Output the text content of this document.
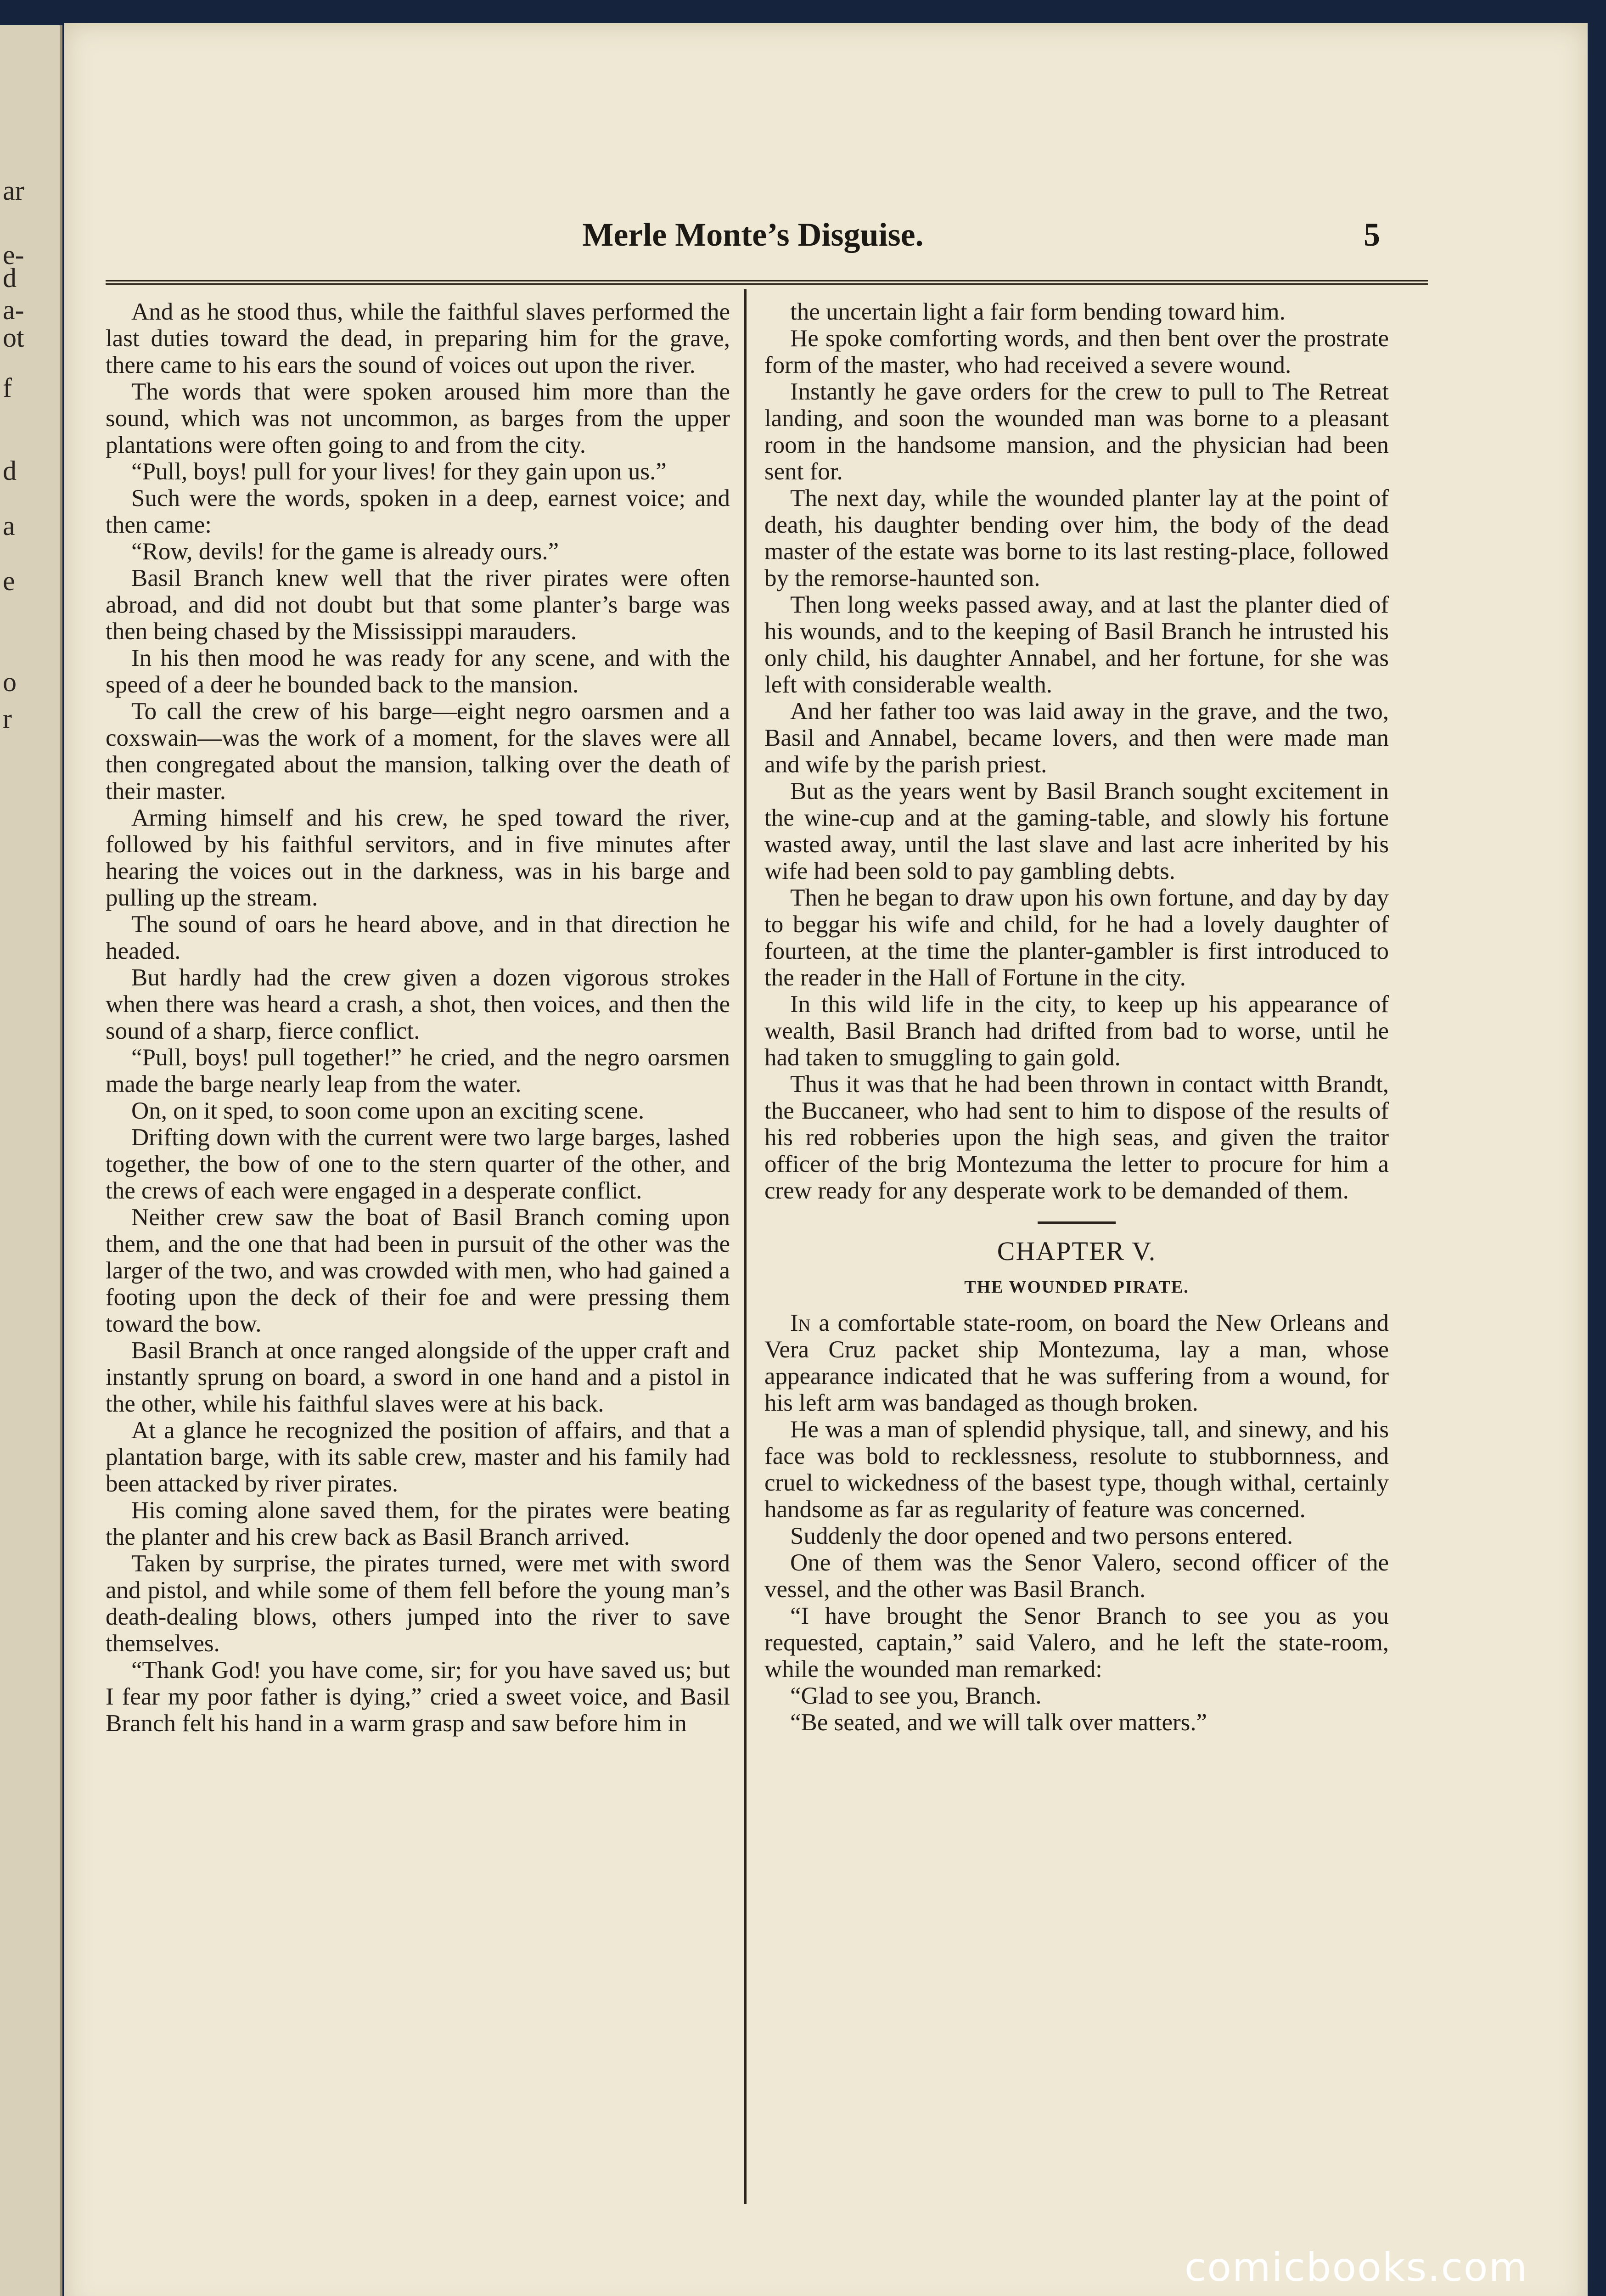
ar
e-
d
a-
ot
f
d
a
e
o
r
Merle Monte’s Disguise.	5

And as he stood thus, while the faithful slaves performed the last duties toward the dead, in preparing him for the grave, there came to his ears the sound of voices out upon the river.

The words that were spoken aroused him more than the sound, which was not uncommon, as barges from the upper plantations were often going to and from the city.

“Pull, boys! pull for your lives! for they gain upon us.”

Such were the words, spoken in a deep, earnest voice; and then came:

“Row, devils! for the game is already ours.”

Basil Branch knew well that the river pirates were often abroad, and did not doubt but that some planter’s barge was then being chased by the Mississippi marauders.

In his then mood he was ready for any scene, and with the speed of a deer he bounded back to the mansion.

To call the crew of his barge—eight negro oarsmen and a coxswain—was the work of a moment, for the slaves were all then congregated about the mansion, talking over the death of their master.

Arming himself and his crew, he sped toward the river, followed by his faithful servitors, and in five minutes after hearing the voices out in the darkness, was in his barge and pulling up the stream.

The sound of oars he heard above, and in that direction he headed.

But hardly had the crew given a dozen vigorous strokes when there was heard a crash, a shot, then voices, and then the sound of a sharp, fierce conflict.

“Pull, boys! pull together!” he cried, and the negro oarsmen made the barge nearly leap from the water.

On, on it sped, to soon come upon an exciting scene.

Drifting down with the current were two large barges, lashed together, the bow of one to the stern quarter of the other, and the crews of each were engaged in a desperate conflict.

Neither crew saw the boat of Basil Branch coming upon them, and the one that had been in pursuit of the other was the larger of the two, and was crowded with men, who had gained a footing upon the deck of their foe and were pressing them toward the bow.

Basil Branch at once ranged alongside of the upper craft and instantly sprung on board, a sword in one hand and a pistol in the other, while his faithful slaves were at his back.

At a glance he recognized the position of affairs, and that a plantation barge, with its sable crew, master and his family had been attacked by river pirates.

His coming alone saved them, for the pirates were beating the planter and his crew back as Basil Branch arrived.

Taken by surprise, the pirates turned, were met with sword and pistol, and while some of them fell before the young man’s death-dealing blows, others jumped into the river to save themselves.

“Thank God! you have come, sir; for you have saved us; but I fear my poor father is dying,” cried a sweet voice, and Basil Branch felt his hand in a warm grasp and saw before him in

the uncertain light a fair form bending toward him.

He spoke comforting words, and then bent over the prostrate form of the master, who had received a severe wound.

Instantly he gave orders for the crew to pull to The Retreat landing, and soon the wounded man was borne to a pleasant room in the handsome mansion, and the physician had been sent for.

The next day, while the wounded planter lay at the point of death, his daughter bending over him, the body of the dead master of the estate was borne to its last resting-place, followed by the remorse-haunted son.

Then long weeks passed away, and at last the planter died of his wounds, and to the keeping of Basil Branch he intrusted his only child, his daughter Annabel, and her fortune, for she was left with considerable wealth.

And her father too was laid away in the grave, and the two, Basil and Annabel, became lovers, and then were made man and wife by the parish priest.

But as the years went by Basil Branch sought excitement in the wine-cup and at the gaming-table, and slowly his fortune wasted away, until the last slave and last acre inherited by his wife had been sold to pay gambling debts.

Then he began to draw upon his own fortune, and day by day to beggar his wife and child, for he had a lovely daughter of fourteen, at the time the planter-gambler is first introduced to the reader in the Hall of Fortune in the city.

In this wild life in the city, to keep up his appearance of wealth, Basil Branch had drifted from bad to worse, until he had taken to smuggling to gain gold.

Thus it was that he had been thrown in contact witth Brandt, the Buccaneer, who had sent to him to dispose of the results of his red robberies upon the high seas, and given the traitor officer of the brig Montezuma the letter to procure for him a crew ready for any desperate work to be demanded of them.

CHAPTER V.
THE WOUNDED PIRATE.

In a comfortable state-room, on board the New Orleans and Vera Cruz packet ship Montezuma, lay a man, whose appearance indicated that he was suffering from a wound, for his left arm was bandaged as though broken.

He was a man of splendid physique, tall, and sinewy, and his face was bold to recklessness, resolute to stubbornness, and cruel to wickedness of the basest type, though withal, certainly handsome as far as regularity of feature was concerned.

Suddenly the door opened and two persons entered.

One of them was the Senor Valero, second officer of the vessel, and the other was Basil Branch.

“I have brought the Senor Branch to see you as you requested, captain,” said Valero, and he left the state-room, while the wounded man remarked:

“Glad to see you, Branch.

“Be seated, and we will talk over matters.”

comicbooks.com
